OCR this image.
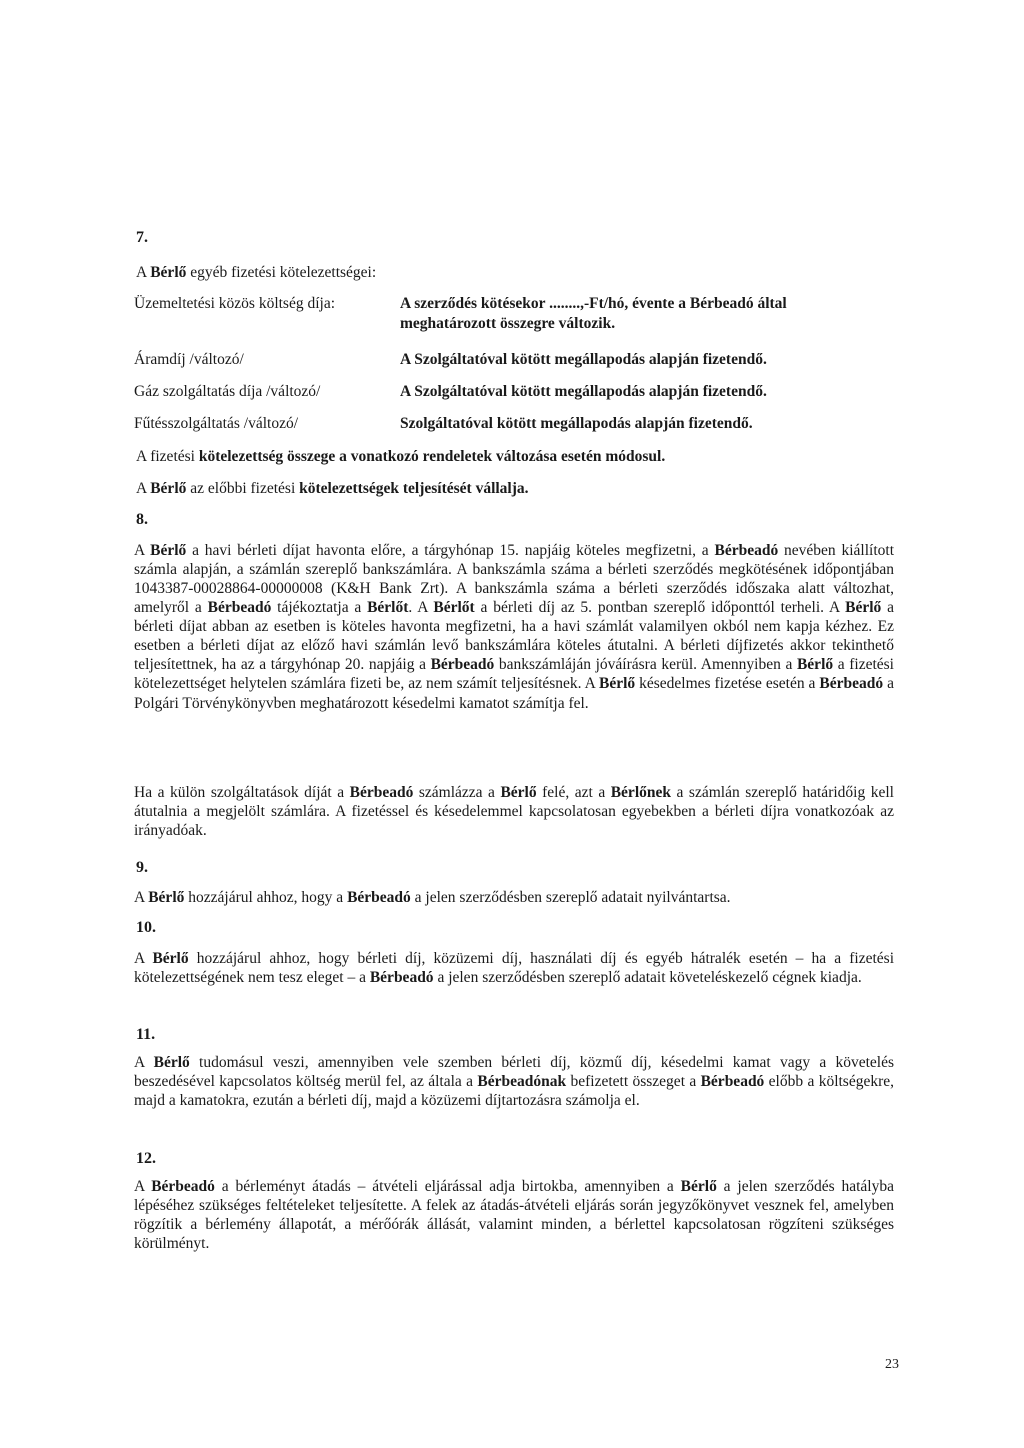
7.
A Bérlő egyéb fizetési kötelezettségei:
Üzemeltetési közös költség díja:	A szerződés kötésekor ........,-Ft/hó, évente a Bérbeadó által
meghatározott összegre változik.
Áramdíj /változó/	A Szolgáltatóval kötött megállapodás alapján fizetendő.
Gáz szolgáltatás díja /változó/	A Szolgáltatóval kötött megállapodás alapján fizetendő.
Fűtésszolgáltatás /változó/	Szolgáltatóval kötött megállapodás alapján fizetendő.
A fizetési kötelezettség összege a vonatkozó rendeletek változása esetén módosul.
A Bérlő az előbbi fizetési kötelezettségek teljesítését vállalja.
8.

A Bérlő a havi bérleti díjat havonta előre, a tárgyhónap 15. napjáig köteles megfizetni, a Bérbeadó nevében kiállított számla alapján, a számlán szereplő bankszámlára. A bankszámla száma a bérleti szerződés megkötésének időpontjában 1043387-00028864-00000008 (K&H Bank Zrt). A bankszámla száma a bérleti szerződés időszaka alatt változhat, amelyről a Bérbeadó tájékoztatja a Bérlőt. A Bérlőt a bérleti díj az 5. pontban szereplő időponttól terheli. A Bérlő a bérleti díjat abban az esetben is köteles havonta megfizetni, ha a havi számlát valamilyen okból nem kapja kézhez. Ez esetben a bérleti díjat az előző havi számlán levő bankszámlára köteles átutalni. A bérleti díjfizetés akkor tekinthető teljesítettnek, ha az a tárgyhónap 20. napjáig a Bérbeadó bankszámláján jóváírásra kerül. Amennyiben a Bérlő a fizetési kötelezettséget helytelen számlára fizeti be, az nem számít teljesítésnek. A Bérlő késedelmes fizetése esetén a Bérbeadó a Polgári Törvénykönyvben meghatározott késedelmi kamatot számítja fel.

Ha a külön szolgáltatások díját a Bérbeadó számlázza a Bérlő felé, azt a Bérlőnek a számlán szereplő határidőig kell átutalnia a megjelölt számlára. A fizetéssel és késedelemmel kapcsolatosan egyebekben a bérleti díjra vonatkozóak az irányadóak.

9.

A Bérlő hozzájárul ahhoz, hogy a Bérbeadó a jelen szerződésben szereplő adatait nyilvántartsa.

10.

A Bérlő hozzájárul ahhoz, hogy bérleti díj, közüzemi díj, használati díj és egyéb hátralék esetén – ha a fizetési kötelezettségének nem tesz eleget – a Bérbeadó a jelen szerződésben szereplő adatait követeléskezelő cégnek kiadja.

11.

A Bérlő tudomásul veszi, amennyiben vele szemben bérleti díj, közmű díj, késedelmi kamat vagy a követelés beszedésével kapcsolatos költség merül fel, az általa a Bérbeadónak befizetett összeget a Bérbeadó előbb a költségekre, majd a kamatokra, ezután a bérleti díj, majd a közüzemi díjtartozásra számolja el.

12.

A Bérbeadó a bérleményt átadás – átvételi eljárással adja birtokba, amennyiben a Bérlő a jelen szerződés hatályba lépéséhez szükséges feltételeket teljesítette. A felek az átadás-átvételi eljárás során jegyzőkönyvet vesznek fel, amelyben rögzítik a bérlemény állapotát, a mérőórák állását, valamint minden, a bérlettel kapcsolatosan rögzíteni szükséges körülményt.

23
